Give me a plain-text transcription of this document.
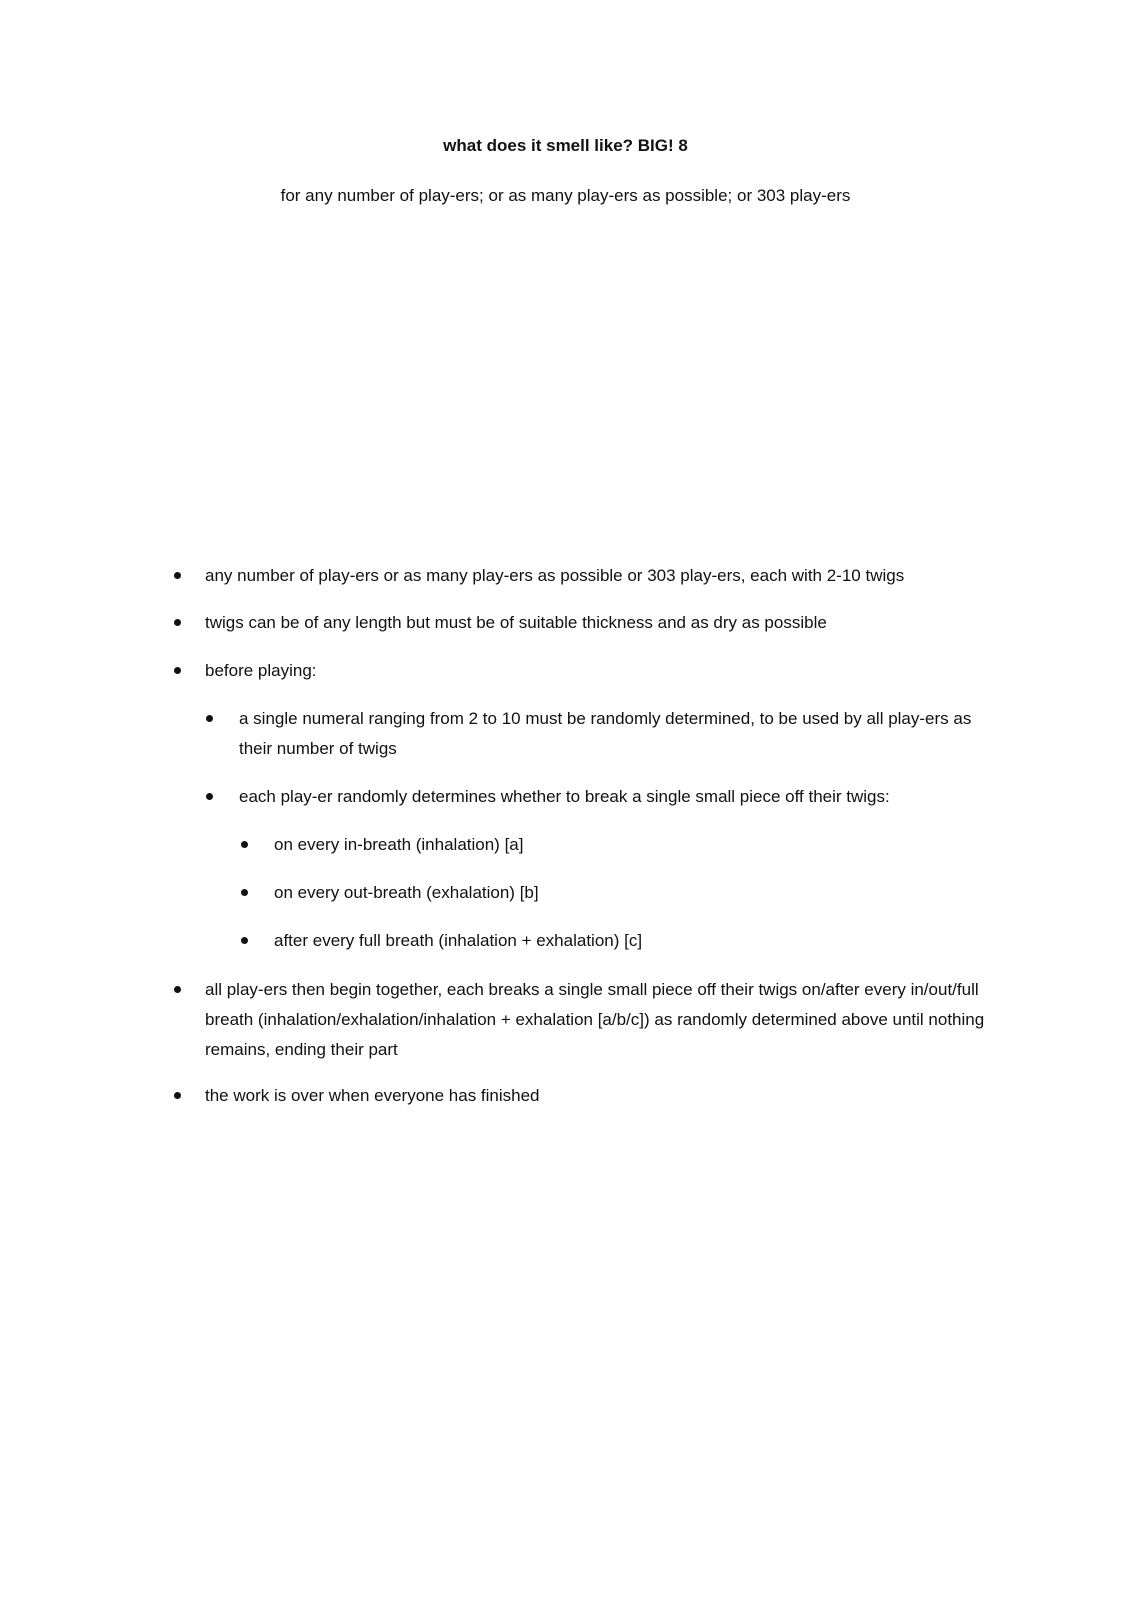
what does it smell like? BIG! 8

for any number of play-ers; or as many play-ers as possible; or 303 play-ers

any number of play-ers or as many play-ers as possible or 303 play-ers, each with 2-10 twigs
twigs can be of any length but must be of suitable thickness and as dry as possible
before playing:
a single numeral ranging from 2 to 10 must be randomly determined, to be used by all play-ers as their number of twigs
each play-er randomly determines whether to break a single small piece off their twigs:
on every in-breath (inhalation) [a]
on every out-breath (exhalation) [b]
after every full breath (inhalation + exhalation) [c]
all play-ers then begin together, each breaks a single small piece off their twigs on/after every in/out/full breath (inhalation/exhalation/inhalation + exhalation [a/b/c]) as randomly determined above until nothing remains, ending their part
the work is over when everyone has finished
